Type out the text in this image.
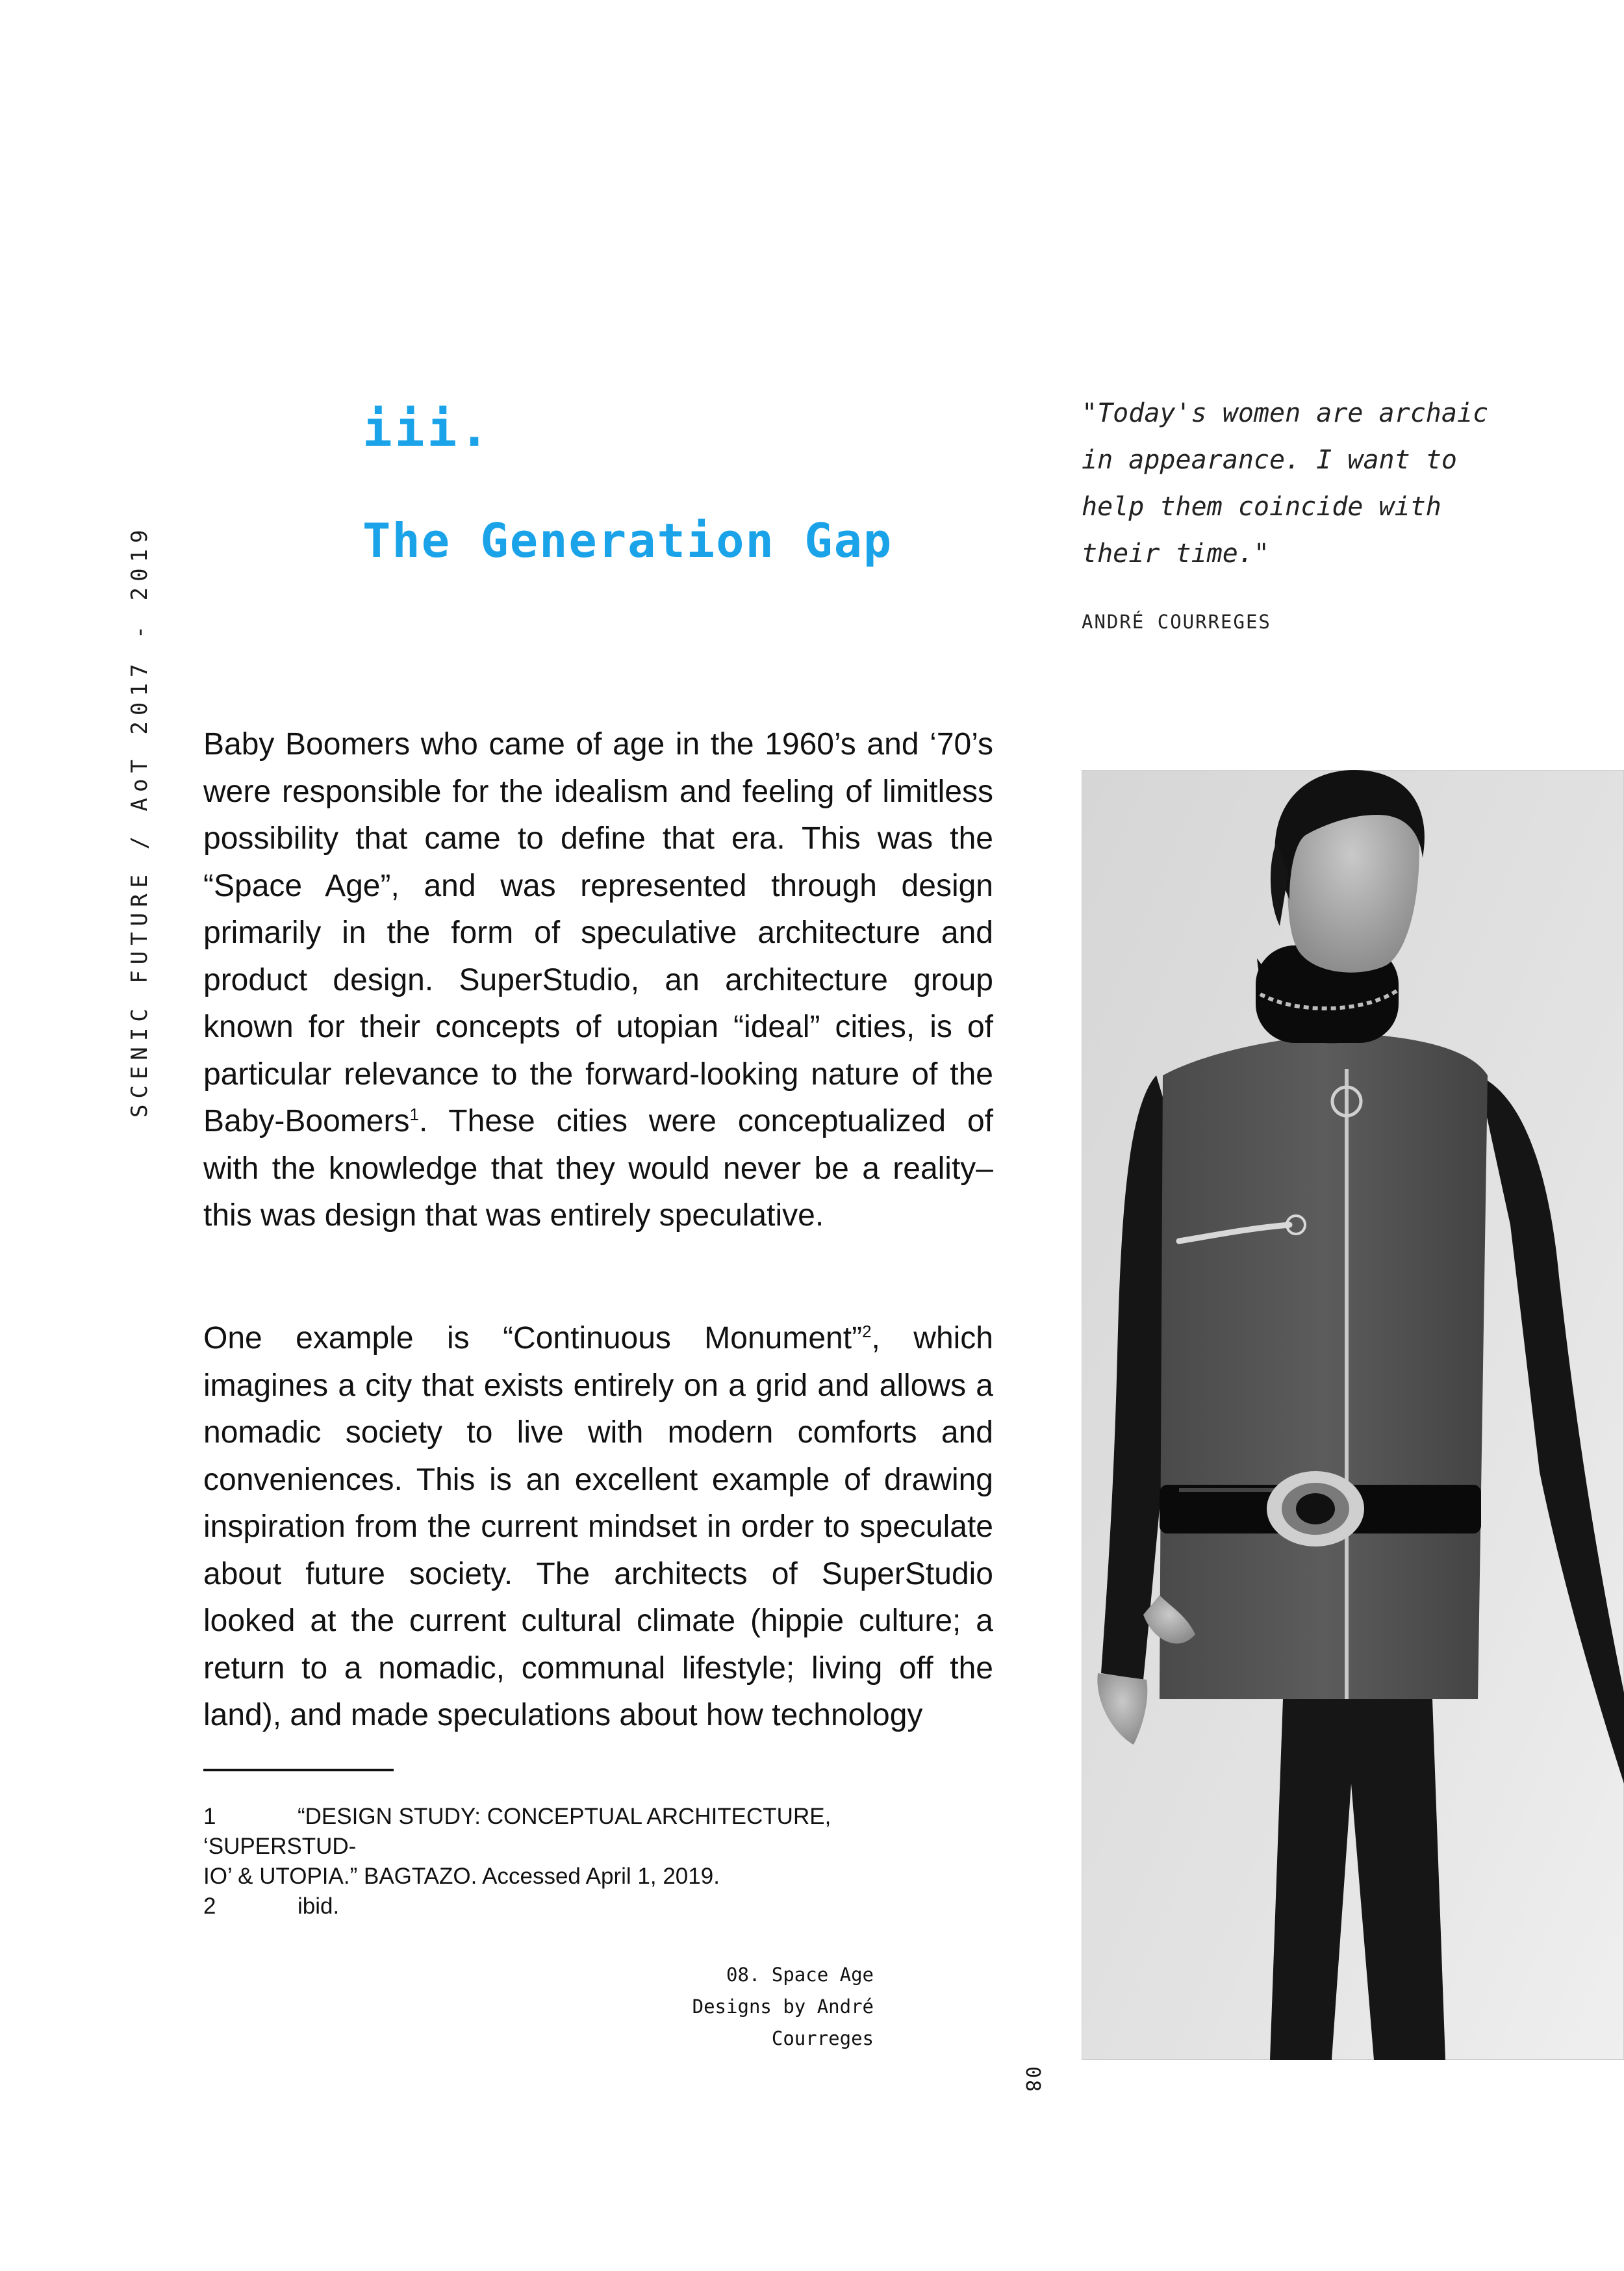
SCENIC FUTURE / AoT 2017 - 2019
iii.
The Generation Gap
"Today's women are archaic
in appearance. I want to
help them coincide with
their time."
ANDRÉ COURREGES

Baby Boomers who came of age in the 1960’s and ‘70’s were responsible for the idealism and feeling of limitless possibility that came to define that era. This was the “Space Age”, and was represented through design primarily in the form of speculative architecture and product design. SuperStudio, an architecture group known for their concepts of utopian “ideal” cities, is of particular relevance to the forward-looking nature of the Baby-Boomers$^1$. These cities were conceptualized of with the knowledge that they would never be a reality–this was design that was entirely speculative.

One example is “Continuous Monument”$^2$, which imagines a city that exists entirely on a grid and allows a nomadic society to live with modern comforts and conveniences. This is an excellent example of drawing inspiration from the current mindset in order to speculate about future society. The architects of SuperStudio looked at the current cultural climate (hippie culture; a return to a nomadic, communal lifestyle; living off the land), and made speculations about how technology

1	“DESIGN STUDY: CONCEPTUAL ARCHITECTURE, ‘SUPERSTUD-
IO’ & UTOPIA.” BAGTAZO. Accessed April 1, 2019.
2	ibid.
08. Space Age
Designs by André
Courreges
08
